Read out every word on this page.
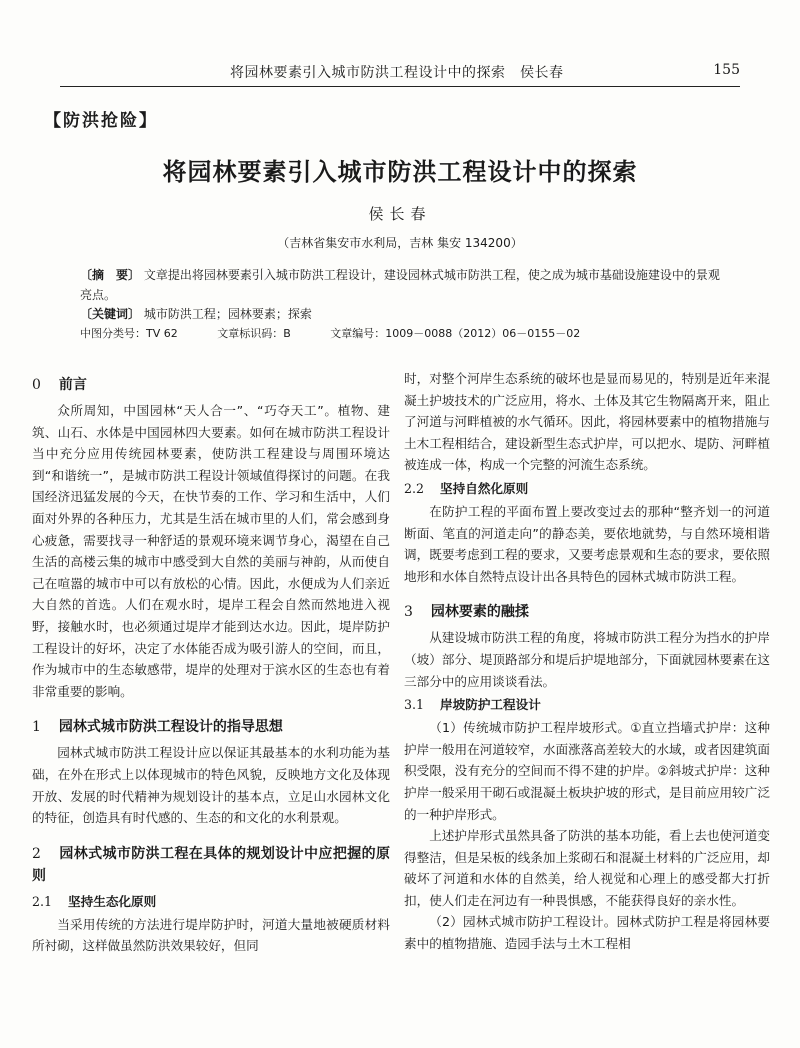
将园林要素引入城市防洪工程设计中的探索　侯长春	155
【防洪抢险】
将园林要素引入城市防洪工程设计中的探索
侯长春
（吉林省集安市水利局，吉林 集安 134200）
〔摘　要〕 文章提出将园林要素引入城市防洪工程设计，建设园林式城市防洪工程，使之成为城市基础设施建设中的景观亮点。
〔关键词〕 城市防洪工程；园林要素；探索
中图分类号：TV 62	文章标识码：B	文章编号：1009－0088（2012）06－0155－02
0 前言

众所周知，中国园林“天人合一”、“巧夺天工”。植物、建筑、山石、水体是中国园林四大要素。如何在城市防洪工程设计当中充分应用传统园林要素，使防洪工程建设与周围环境达到“和谐统一”，是城市防洪工程设计领域值得探讨的问题。在我国经济迅猛发展的今天，在快节奏的工作、学习和生活中，人们面对外界的各种压力，尤其是生活在城市里的人们，常会感到身心疲惫，需要找寻一种舒适的景观环境来调节身心，渴望在自己生活的高楼云集的城市中感受到大自然的美丽与神韵，从而使自己在喧嚣的城市中可以有放松的心情。因此，水便成为人们亲近大自然的首选。人们在观水时，堤岸工程会自然而然地进入视野，接触水时，也必须通过堤岸才能到达水边。因此，堤岸防护工程设计的好坏，决定了水体能否成为吸引游人的空间，而且，作为城市中的生态敏感带，堤岸的处理对于滨水区的生态也有着非常重要的影响。

1 园林式城市防洪工程设计的指导思想

园林式城市防洪工程设计应以保证其最基本的水利功能为基础，在外在形式上以体现城市的特色风貌，反映地方文化及体现开放、发展的时代精神为规划设计的基本点，立足山水园林文化的特征，创造具有时代感的、生态的和文化的水利景观。

2 园林式城市防洪工程在具体的规划设计中应把握的原则
2.1 坚持生态化原则

当采用传统的方法进行堤岸防护时，河道大量地被硬质材料所衬砌，这样做虽然防洪效果较好，但同

时，对整个河岸生态系统的破坏也是显而易见的，特别是近年来混凝土护坡技术的广泛应用，将水、土体及其它生物隔离开来，阻止了河道与河畔植被的水气循环。因此，将园林要素中的植物措施与土木工程相结合，建设新型生态式护岸，可以把水、堤防、河畔植被连成一体，构成一个完整的河流生态系统。

2.2 坚持自然化原则

在防护工程的平面布置上要改变过去的那种“整齐划一的河道断面、笔直的河道走向”的静态美，要依地就势，与自然环境相谐调，既要考虑到工程的要求，又要考虑景观和生态的要求，要依照地形和水体自然特点设计出各具特色的园林式城市防洪工程。

3 园林要素的融揉

从建设城市防洪工程的角度，将城市防洪工程分为挡水的护岸（坡）部分、堤顶路部分和堤后护堤地部分，下面就园林要素在这三部分中的应用谈谈看法。

3.1 岸坡防护工程设计

（1）传统城市防护工程岸坡形式。①直立挡墙式护岸：这种护岸一般用在河道较窄，水面涨落高差较大的水域，或者因建筑面积受限，没有充分的空间而不得不建的护岸。②斜坡式护岸：这种护岸一般采用干砌石或混凝土板块护坡的形式，是目前应用较广泛的一种护岸形式。

上述护岸形式虽然具备了防洪的基本功能，看上去也使河道变得整洁，但是呆板的线条加上浆砌石和混凝土材料的广泛应用，却破坏了河道和水体的自然美，给人视觉和心理上的感受都大打折扣，使人们走在河边有一种畏惧感，不能获得良好的亲水性。

（2）园林式城市防护工程设计。园林式防护工程是将园林要素中的植物措施、造园手法与土木工程相
